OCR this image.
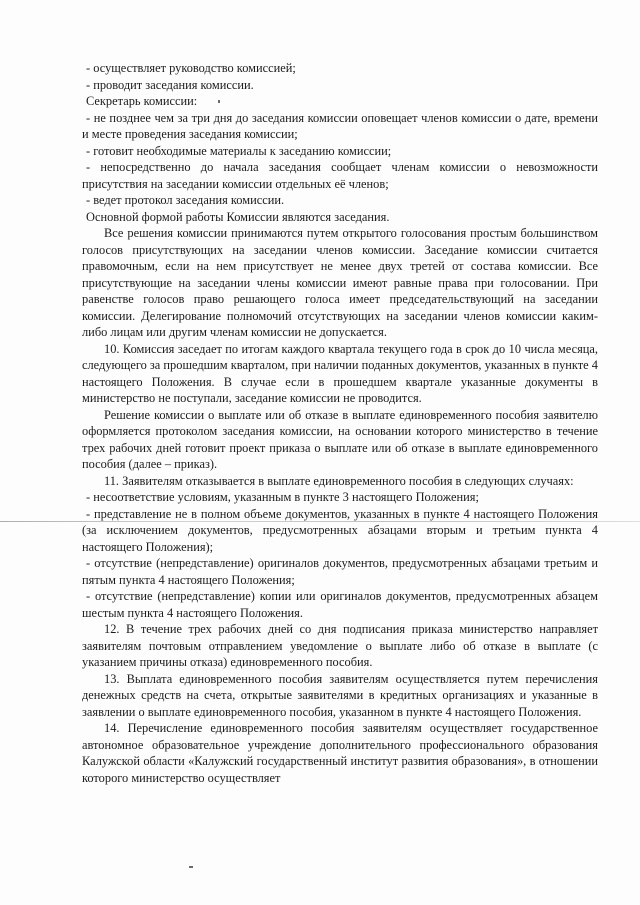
- осуществляет руководство комиссией;

- проводит заседания комиссии.

Секретарь комиссии:

- не позднее чем за три дня до заседания комиссии оповещает членов комиссии о дате, времени и месте проведения заседания комиссии;

- готовит необходимые материалы к заседанию комиссии;

- непосредственно до начала заседания сообщает членам комиссии о невозможности присутствия на заседании комиссии отдельных её членов;

- ведет протокол заседания комиссии.

Основной формой работы Комиссии являются заседания.

Все решения комиссии принимаются путем открытого голосования простым большинством голосов присутствующих на заседании членов комиссии. Заседание комиссии считается правомочным, если на нем присутствует не менее двух третей от состава комиссии. Все присутствующие на заседании члены комиссии имеют равные права при голосовании. При равенстве голосов право решающего голоса имеет председательствующий на заседании комиссии. Делегирование полномочий отсутствующих на заседании членов комиссии каким-либо лицам или другим членам комиссии не допускается.

10. Комиссия заседает по итогам каждого квартала текущего года в срок до 10 числа месяца, следующего за прошедшим кварталом, при наличии поданных документов, указанных в пункте 4 настоящего Положения. В случае если в прошедшем квартале указанные документы в министерство не поступали, заседание комиссии не проводится.

Решение комиссии о выплате или об отказе в выплате единовременного пособия заявителю оформляется протоколом заседания комиссии, на основании которого министерство в течение трех рабочих дней готовит проект приказа о выплате или об отказе в выплате единовременного пособия (далее – приказ).

11. Заявителям отказывается в выплате единовременного пособия в следующих случаях:

- несоответствие условиям, указанным в пункте 3 настоящего Положения;

- представление не в полном объеме документов, указанных в пункте 4 настоящего Положения (за исключением документов, предусмотренных абзацами вторым и третьим пункта 4 настоящего Положения);

- отсутствие (непредставление) оригиналов документов, предусмотренных абзацами третьим и пятым пункта 4 настоящего Положения;

- отсутствие (непредставление) копии или оригиналов документов, предусмотренных абзацем шестым пункта 4 настоящего Положения.

12. В течение трех рабочих дней со дня подписания приказа министерство направляет заявителям почтовым отправлением уведомление о выплате либо об отказе в выплате (с указанием причины отказа) единовременного пособия.

13. Выплата единовременного пособия заявителям осуществляется путем перечисления денежных средств на счета, открытые заявителями в кредитных организациях и указанные в заявлении о выплате единовременного пособия, указанном в пункте 4 настоящего Положения.

14. Перечисление единовременного пособия заявителям осуществляет государственное автономное образовательное учреждение дополнительного профессионального образования Калужской области «Калужский государственный институт развития образования», в отношении которого министерство осуществляет
